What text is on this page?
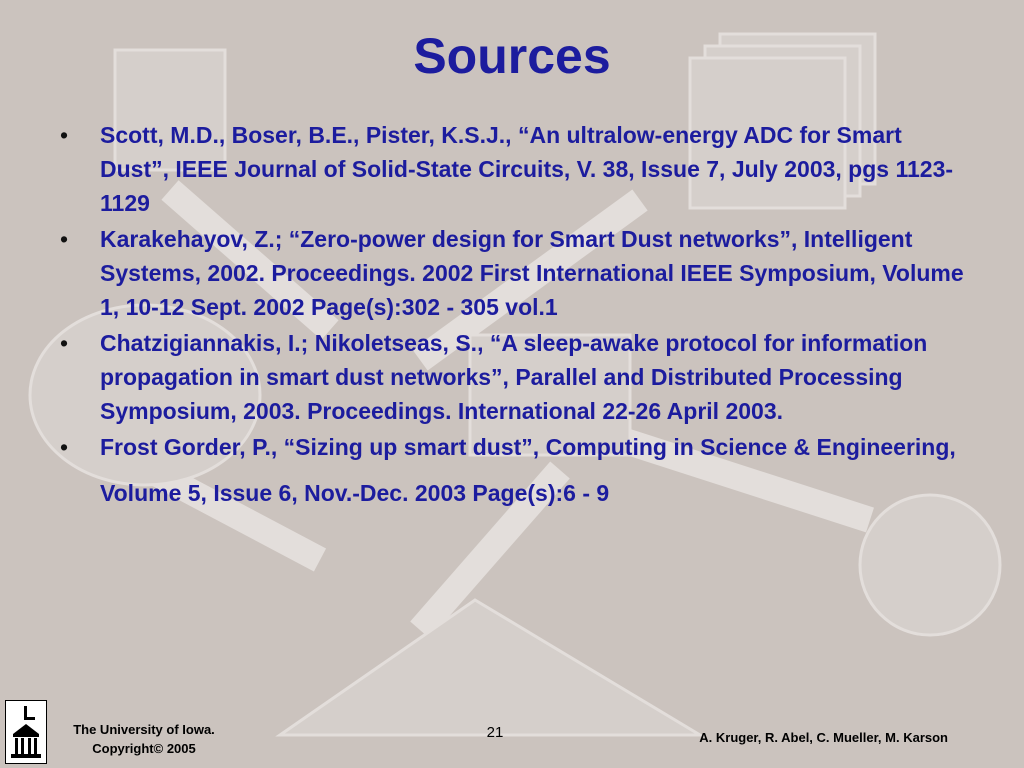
Sources
• Scott, M.D., Boser, B.E., Pister, K.S.J., “An ultralow-energy ADC for Smart Dust”, IEEE Journal of Solid-State Circuits, V. 38, Issue 7, July 2003, pgs 1123-1129
• Karakehayov, Z.; “Zero-power design for Smart Dust networks”, Intelligent Systems, 2002. Proceedings. 2002 First International IEEE Symposium, Volume 1, 10-12 Sept. 2002 Page(s):302 - 305 vol.1
• Chatzigiannakis, I.; Nikoletseas, S., “A sleep-awake protocol for information propagation in smart dust networks”, Parallel and Distributed Processing Symposium, 2003. Proceedings. International 22-26 April 2003.
• Frost Gorder, P., “Sizing up smart dust”, Computing in Science & Engineering, Volume 5, Issue 6, Nov.-Dec. 2003 Page(s):6 - 9
The University of Iowa.
Copyright© 2005
21	A. Kruger, R. Abel, C. Mueller, M. Karson
